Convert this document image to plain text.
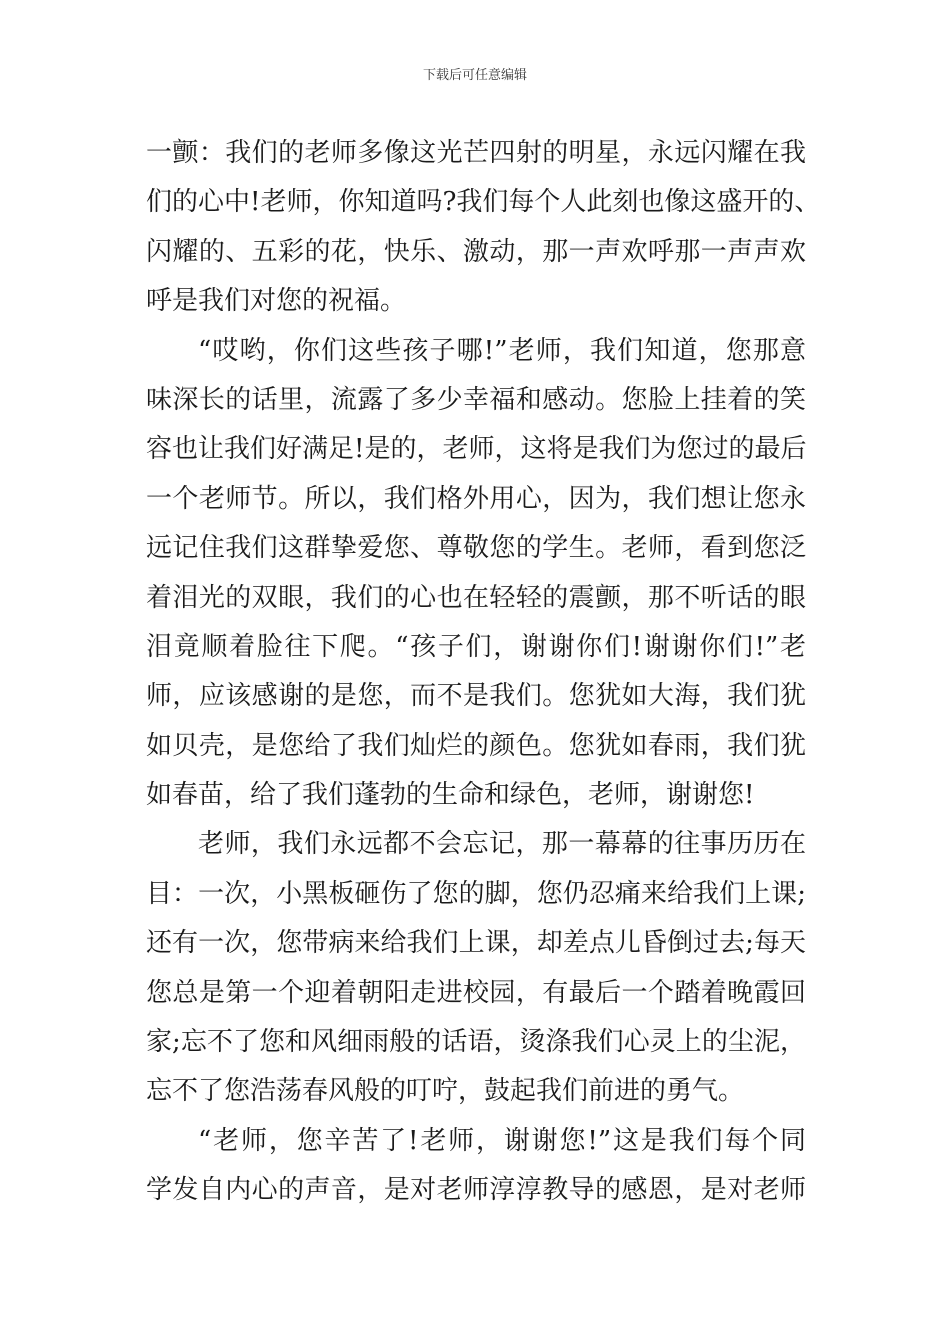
下载后可任意编辑
一颤：我们的老师多像这光芒四射的明星，永远闪耀在我
们的心中!老师，你知道吗?我们每个人此刻也像这盛开的、
闪耀的、五彩的花，快乐、激动，那一声欢呼那一声声欢
呼是我们对您的祝福。
“哎哟，你们这些孩子哪!”老师，我们知道，您那意
味深长的话里，流露了多少幸福和感动。您脸上挂着的笑
容也让我们好满足!是的，老师，这将是我们为您过的最后
一个老师节。所以，我们格外用心，因为，我们想让您永
远记住我们这群挚爱您、尊敬您的学生。老师，看到您泛
着泪光的双眼，我们的心也在轻轻的震颤，那不听话的眼
泪竟顺着脸往下爬。“孩子们，谢谢你们!谢谢你们!”老
师，应该感谢的是您，而不是我们。您犹如大海，我们犹
如贝壳，是您给了我们灿烂的颜色。您犹如春雨，我们犹
如春苗，给了我们蓬勃的生命和绿色，老师，谢谢您!
老师，我们永远都不会忘记，那一幕幕的往事历历在
目：一次，小黑板砸伤了您的脚，您仍忍痛来给我们上课;
还有一次，您带病来给我们上课，却差点儿昏倒过去;每天
您总是第一个迎着朝阳走进校园，有最后一个踏着晚霞回
家;忘不了您和风细雨般的话语，烫涤我们心灵上的尘泥，
忘不了您浩荡春风般的叮咛，鼓起我们前进的勇气。
“老师，您辛苦了!老师，谢谢您!”这是我们每个同
学发自内心的声音，是对老师淳淳教导的感恩，是对老师
